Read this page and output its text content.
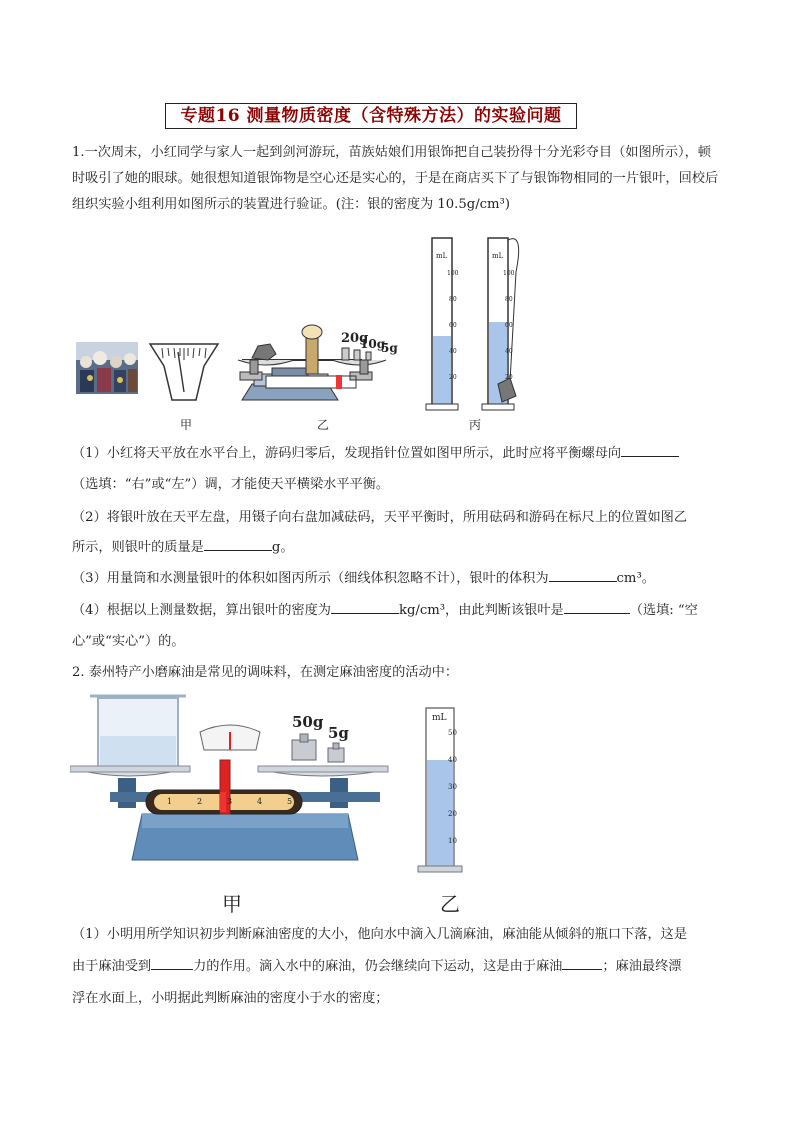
专题16 测量物质密度（含特殊方法）的实验问题
1.一次周末，小红同学与家人一起到剑河游玩，苗族姑娘们用银饰把自己装扮得十分光彩夺目（如图所示），顿时吸引了她的眼球。她很想知道银饰物是空心还是实心的，于是在商店买下了与银饰物相同的一片银叶，回校后组织实验小组利用如图所示的装置进行验证。(注：银的密度为 10.5g/cm³)
20g
10g
5g
mL
100
80
60
40
20
mL
100
80
60
40
20
甲	乙	丙
（1）小红将天平放在水平台上，游码归零后，发现指针位置如图甲所示，此时应将平衡螺母向
（选填：“右”或“左”）调，才能使天平横梁水平平衡。
（2）将银叶放在天平左盘，用镊子向右盘加减砝码，天平平衡时，所用砝码和游码在标尺上的位置如图乙
所示，则银叶的质量是	g。
（3）用量筒和水测量银叶的体积如图丙所示（细线体积忽略不计），银叶的体积为	cm³。
（4）根据以上测量数据，算出银叶的密度为	kg/cm³，由此判断该银叶是	（选填: “空
心”或“实心”）的。
2. 泰州特产小磨麻油是常见的调味料，在测定麻油密度的活动中：
50g
5g
mL
50
40
30
20
10
1	2	3	4	5
甲	乙
（1）小明用所学知识初步判断麻油密度的大小，他向水中滴入几滴麻油，麻油能从倾斜的瓶口下落，这是
由于麻油受到	力的作用。滴入水中的麻油，仍会继续向下运动，这是由于麻油	；麻油最终漂
浮在水面上，小明据此判断麻油的密度小于水的密度；
